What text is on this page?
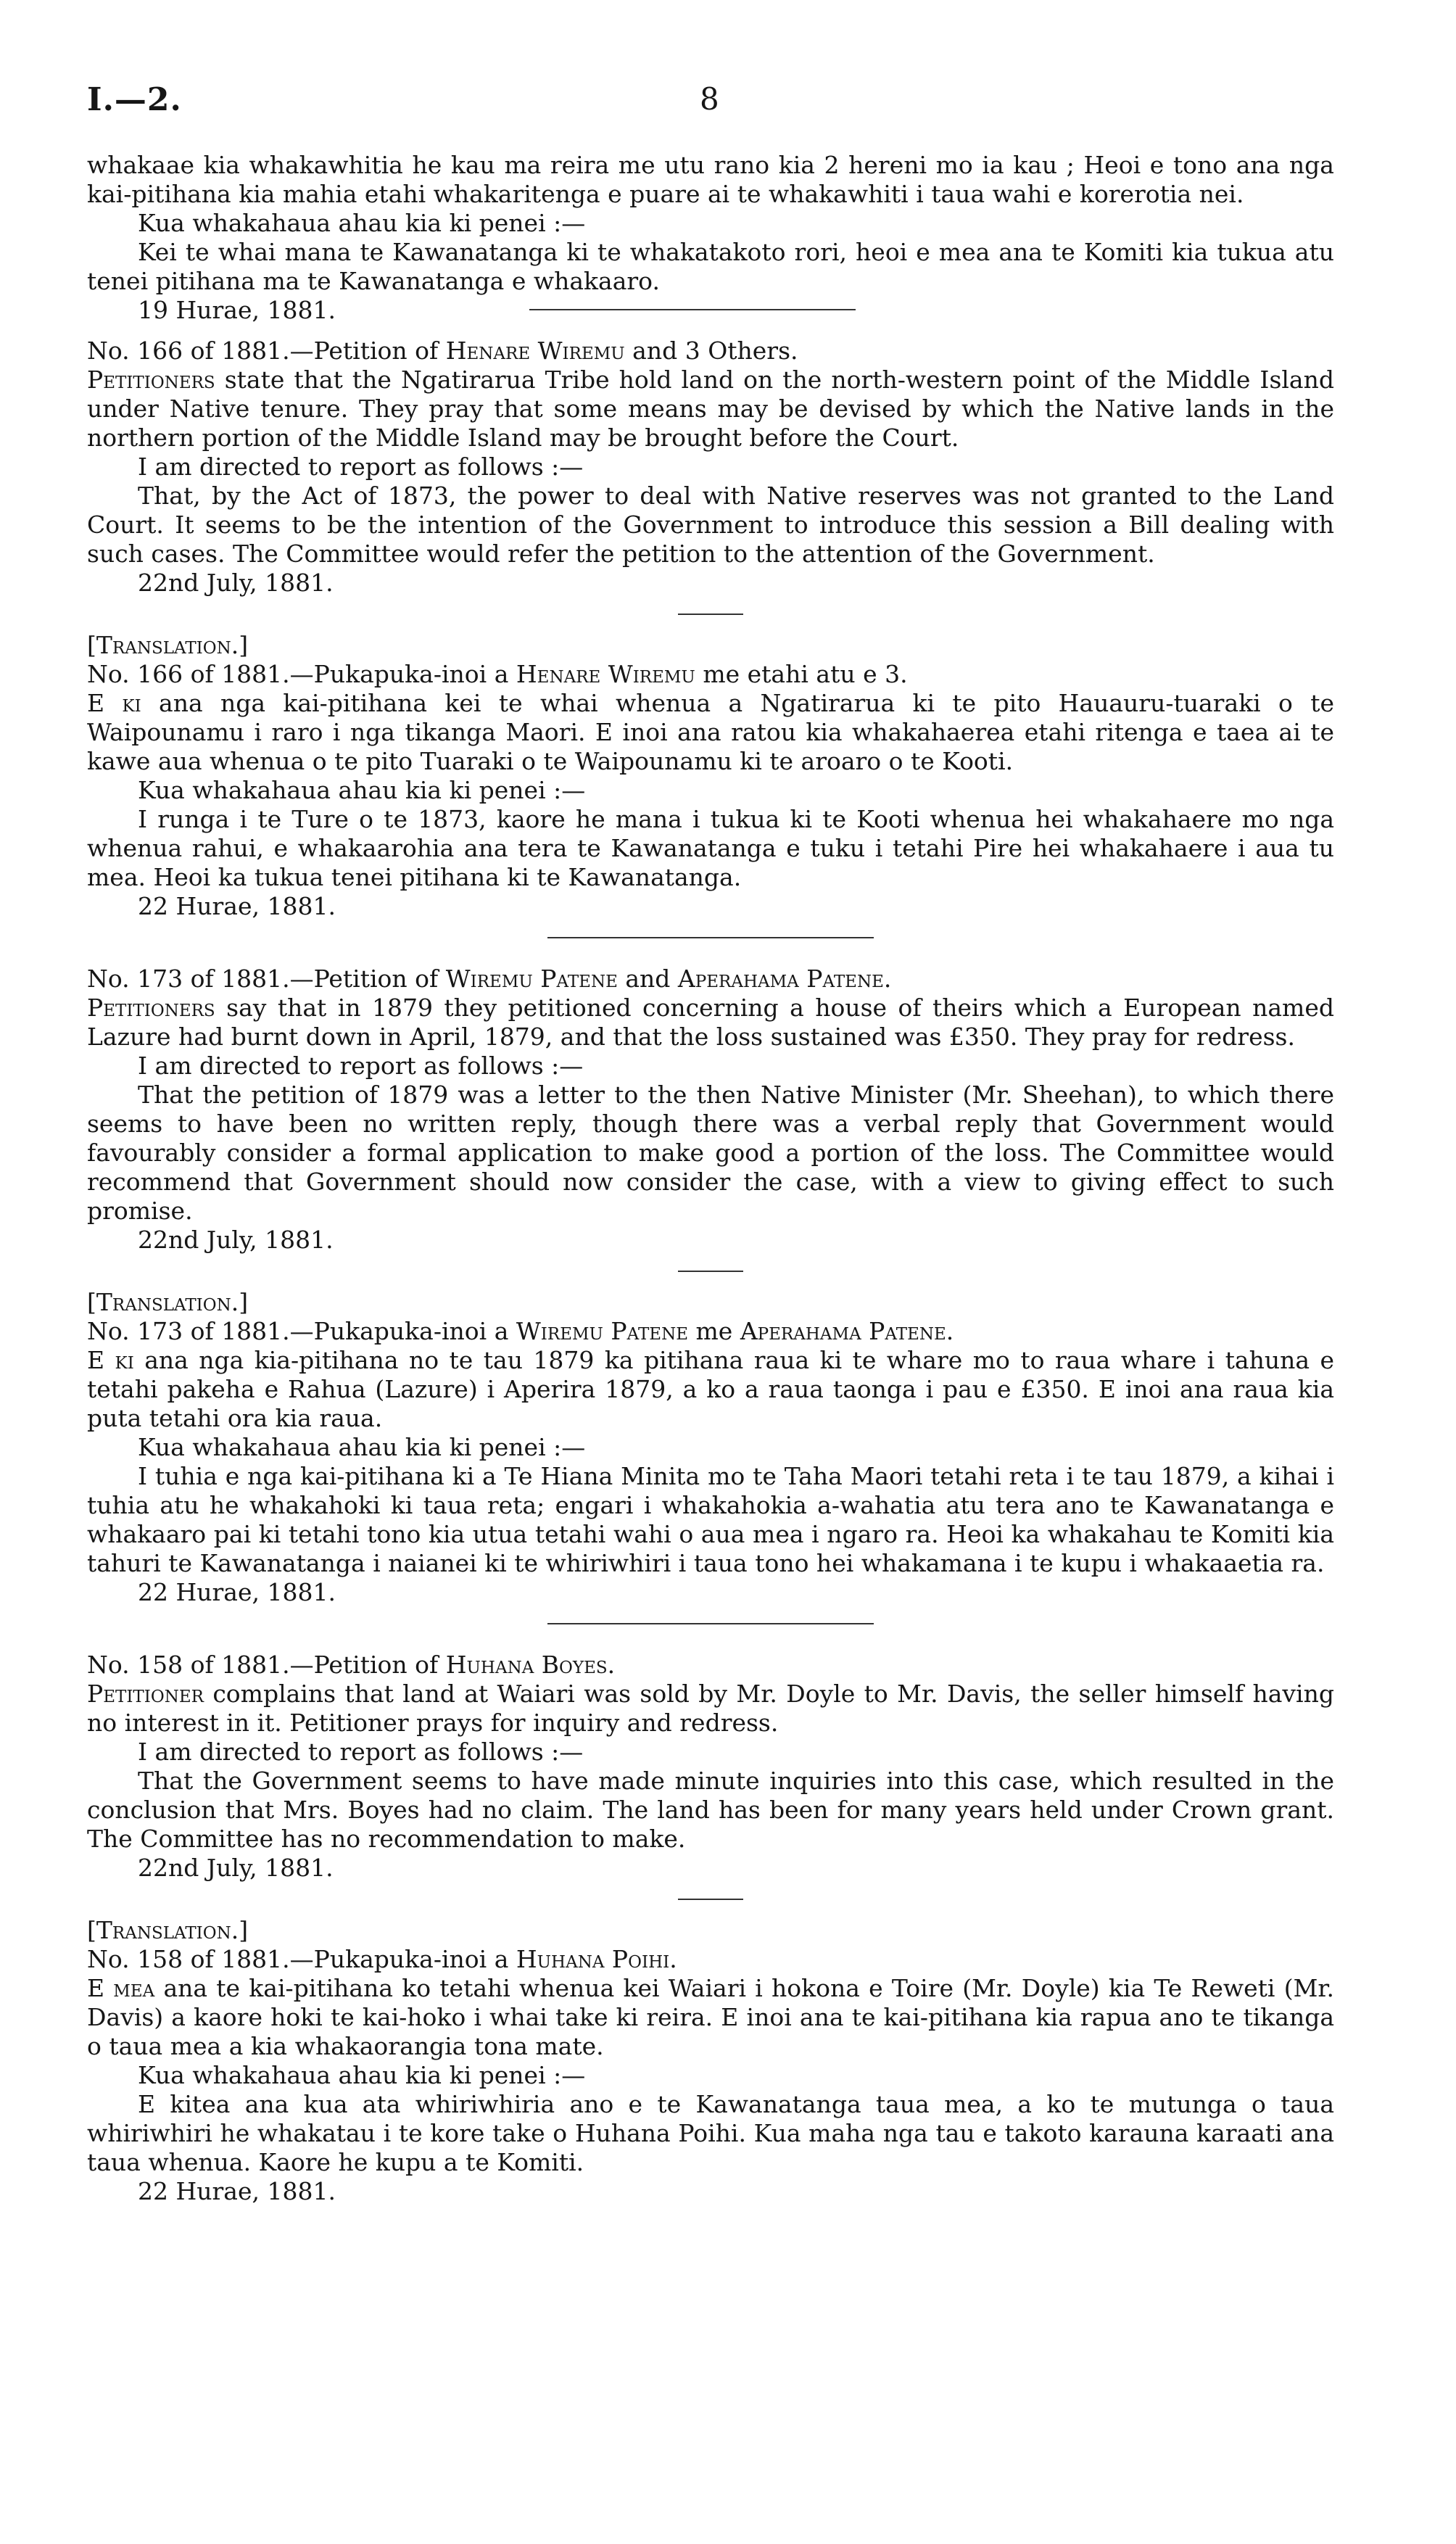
I.—2.	8

whakaae kia whakawhitia he kau ma reira me utu rano kia 2 hereni mo ia kau ; Heoi e tono ana nga kai-pitihana kia mahia etahi whakaritenga e puare ai te whakawhiti i taua wahi e korerotia nei.

Kua whakahaua ahau kia ki penei :—

Kei te whai mana te Kawanatanga ki te whakatakoto rori, heoi e mea ana te Komiti kia tukua atu tenei pitihana ma te Kawanatanga e whakaaro.

19 Hurae, 1881.

No. 166 of 1881.—Petition of Henare Wiremu and 3 Others.

Petitioners state that the Ngatirarua Tribe hold land on the north-western point of the Middle Island under Native tenure. They pray that some means may be devised by which the Native lands in the northern portion of the Middle Island may be brought before the Court.

I am directed to report as follows :—

That, by the Act of 1873, the power to deal with Native reserves was not granted to the Land Court. It seems to be the intention of the Government to introduce this session a Bill dealing with such cases. The Committee would refer the petition to the attention of the Government.

22nd July, 1881.

[Translation.]

No. 166 of 1881.—Pukapuka-inoi a Henare Wiremu me etahi atu e 3.

E ki ana nga kai-pitihana kei te whai whenua a Ngatirarua ki te pito Hauauru-tuaraki o te Waipounamu i raro i nga tikanga Maori. E inoi ana ratou kia whakahaerea etahi ritenga e taea ai te kawe aua whenua o te pito Tuaraki o te Waipounamu ki te aroaro o te Kooti.

Kua whakahaua ahau kia ki penei :—

I runga i te Ture o te 1873, kaore he mana i tukua ki te Kooti whenua hei whakahaere mo nga whenua rahui, e whakaarohia ana tera te Kawanatanga e tuku i tetahi Pire hei whakahaere i aua tu mea. Heoi ka tukua tenei pitihana ki te Kawanatanga.

22 Hurae, 1881.

No. 173 of 1881.—Petition of Wiremu Patene and Aperahama Patene.

Petitioners say that in 1879 they petitioned concerning a house of theirs which a European named Lazure had burnt down in April, 1879, and that the loss sustained was £350. They pray for redress.

I am directed to report as follows :—

That the petition of 1879 was a letter to the then Native Minister (Mr. Sheehan), to which there seems to have been no written reply, though there was a verbal reply that Government would favourably consider a formal application to make good a portion of the loss. The Committee would recommend that Government should now consider the case, with a view to giving effect to such promise.

22nd July, 1881.

[Translation.]

No. 173 of 1881.—Pukapuka-inoi a Wiremu Patene me Aperahama Patene.

E ki ana nga kia-pitihana no te tau 1879 ka pitihana raua ki te whare mo to raua whare i tahuna e tetahi pakeha e Rahua (Lazure) i Aperira 1879, a ko a raua taonga i pau e £350. E inoi ana raua kia puta tetahi ora kia raua.

Kua whakahaua ahau kia ki penei :—

I tuhia e nga kai-pitihana ki a Te Hiana Minita mo te Taha Maori tetahi reta i te tau 1879, a kihai i tuhia atu he whakahoki ki taua reta; engari i whakahokia a-wahatia atu tera ano te Kawanatanga e whakaaro pai ki tetahi tono kia utua tetahi wahi o aua mea i ngaro ra. Heoi ka whakahau te Komiti kia tahuri te Kawanatanga i naianei ki te whiriwhiri i taua tono hei whakamana i te kupu i whakaaetia ra.

22 Hurae, 1881.

No. 158 of 1881.—Petition of Huhana Boyes.

Petitioner complains that land at Waiari was sold by Mr. Doyle to Mr. Davis, the seller himself having no interest in it. Petitioner prays for inquiry and redress.

I am directed to report as follows :—

That the Government seems to have made minute inquiries into this case, which resulted in the conclusion that Mrs. Boyes had no claim. The land has been for many years held under Crown grant. The Committee has no recommendation to make.

22nd July, 1881.

[Translation.]

No. 158 of 1881.—Pukapuka-inoi a Huhana Poihi.

E mea ana te kai-pitihana ko tetahi whenua kei Waiari i hokona e Toire (Mr. Doyle) kia Te Reweti (Mr. Davis) a kaore hoki te kai-hoko i whai take ki reira. E inoi ana te kai-pitihana kia rapua ano te tikanga o taua mea a kia whakaorangia tona mate.

Kua whakahaua ahau kia ki penei :—

E kitea ana kua ata whiriwhiria ano e te Kawanatanga taua mea, a ko te mutunga o taua whiriwhiri he whakatau i te kore take o Huhana Poihi. Kua maha nga tau e takoto karauna karaati ana taua whenua. Kaore he kupu a te Komiti.

22 Hurae, 1881.
